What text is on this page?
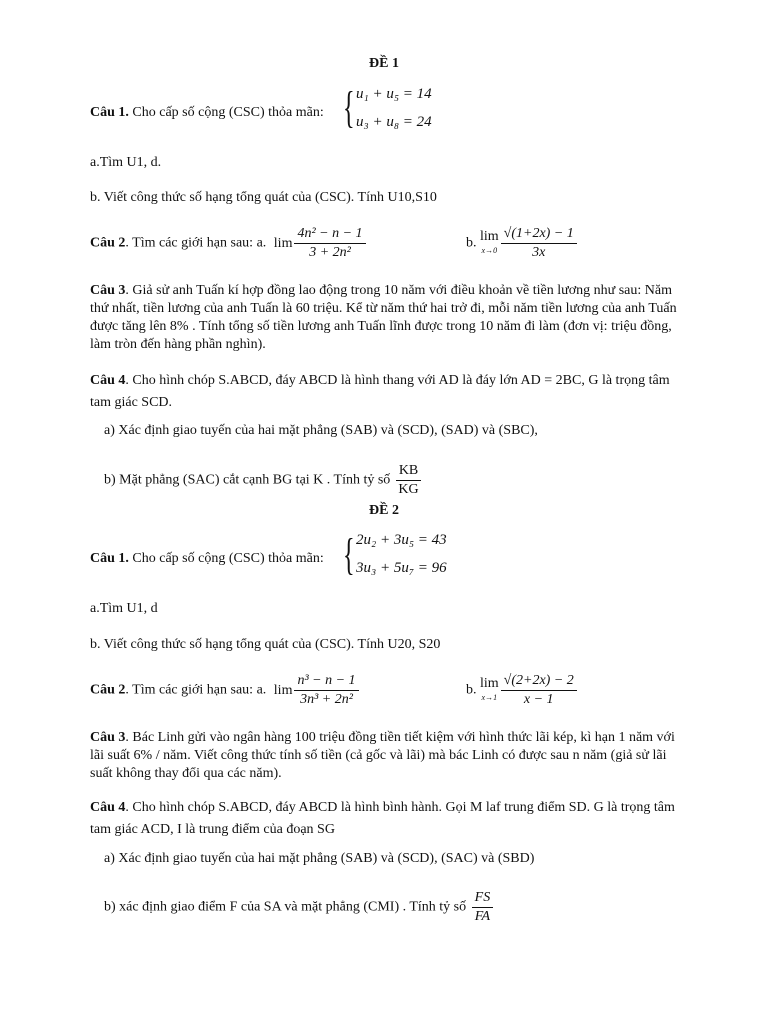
ĐỀ 1
Câu 1. Cho cấp số cộng (CSC) thỏa mãn: { u₁ + u₅ = 14
u₃ + u₈ = 24
a.Tìm U1, d.
b. Viết công thức số hạng tổng quát của (CSC). Tính U10,S10
Câu 2. Tìm các giới hạn sau: a. $\lim \frac{\text{4n² − n − 1}}{\text{3 + 2n²}}$	b. lim
$x\to 0 \frac{√(1+2x) - 1}{3x}$
Câu 3. Giả sử anh Tuấn kí hợp đồng lao động trong 10 năm với điều khoản về tiền lương như sau: Năm thứ nhất, tiền lương của anh Tuấn là 60 triệu. Kể từ năm thứ hai trở đi, mỗi năm tiền lương của anh Tuấn được tăng lên 8% . Tính tổng số tiền lương anh Tuấn lĩnh được trong 10 năm đi làm (đơn vị: triệu đồng, làm tròn đến hàng phần nghìn).
Câu 4. Cho hình chóp S.ABCD, đáy ABCD là hình thang với AD là đáy lớn AD = 2BC, G là trọng tâm tam giác SCD.
a) Xác định giao tuyến của hai mặt phẳng (SAB) và (SCD), (SAD) và (SBC),
b) Mặt phẳng (SAC) cắt cạnh BG tại K . Tính tỷ số $\frac{KB}{KG}$
ĐỀ 2
Câu 1. Cho cấp số cộng (CSC) thỏa mãn: { 2u₂ + 3u₅ = 43
3u₃ + 5u₇ = 96
a.Tìm U1, d
b. Viết công thức số hạng tổng quát của (CSC). Tính U20, S20
Câu 2. Tìm các giới hạn sau: a. $\lim \frac{\text{n³ − n − 1}}{\text{3n³ + 2n²}}$	b. lim
$x\to 1 \frac{√(2+2x) - 2}{x - 1}$
Câu 3. Bác Linh gửi vào ngân hàng 100 triệu đồng tiền tiết kiệm với hình thức lãi kép, kì hạn 1 năm với lãi suất 6% / năm. Viết công thức tính số tiền (cả gốc và lãi) mà bác Linh có được sau n năm (giả sử lãi suất không thay đổi qua các năm).
Câu 4. Cho hình chóp S.ABCD, đáy ABCD là hình bình hành. Gọi M laf trung điểm SD. G là trọng tâm tam giác ACD, I là trung điểm của đoạn SG
a) Xác định giao tuyến của hai mặt phẳng (SAB) và (SCD), (SAC) và (SBD)
b) xác định giao điểm F của SA và mặt phẳng (CMI) . Tính tỷ số $\frac{FS}{FA}$
